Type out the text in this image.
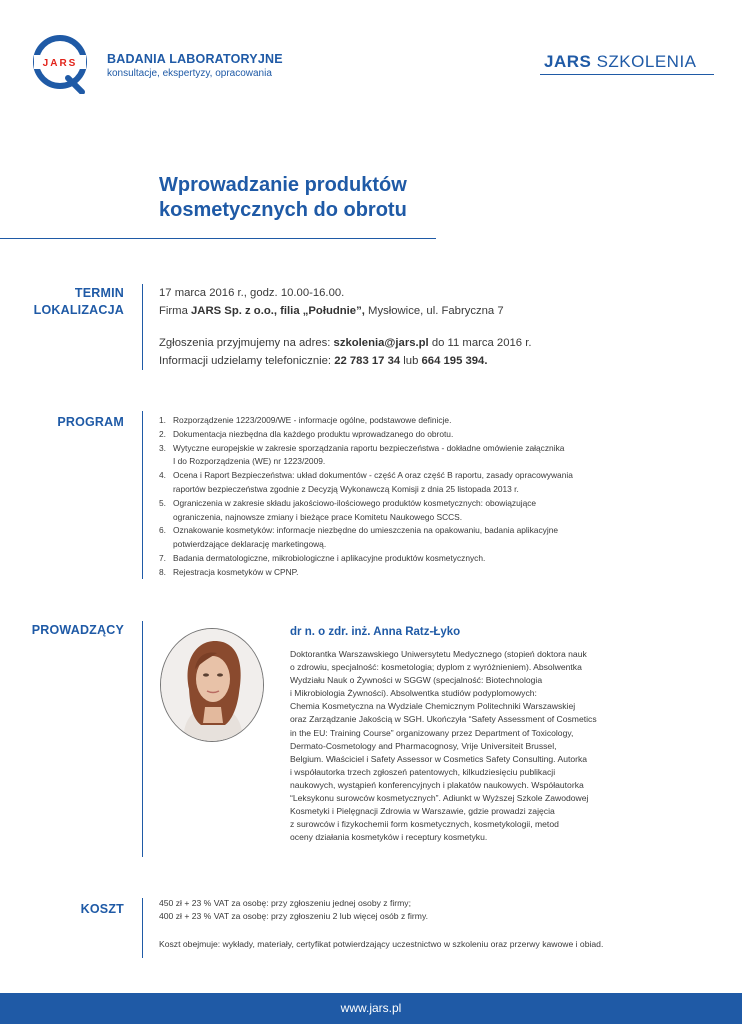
JARS BADANIA LABORATORYJNE
konsultacje, ekspertyzy, opracowania
JARS SZKOLENIA
Wprowadzanie produktów
kosmetycznych do obrotu
TERMIN
LOKALIZACJA
17 marca 2016 r., godz. 10.00-16.00.
Firma JARS Sp. z o.o., filia „Południe”, Mysłowice, ul. Fabryczna 7
Zgłoszenia przyjmujemy na adres: szkolenia@jars.pl do 11 marca 2016 r.
Informacji udzielamy telefonicznie: 22 783 17 34 lub 664 195 394.
PROGRAM	1. Rozporządzenie 1223/2009/WE - informacje ogólne, podstawowe definicje.
2. Dokumentacja niezbędna dla każdego produktu wprowadzanego do obrotu.
3. Wytyczne europejskie w zakresie sporządzania raportu bezpieczeństwa - dokładne omówienie załącznika
I do Rozporządzenia (WE) nr 1223/2009.
4. Ocena i Raport Bezpieczeństwa: układ dokumentów - część A oraz część B raportu, zasady opracowywania
raportów bezpieczeństwa zgodnie z Decyzją Wykonawczą Komisji z dnia 25 listopada 2013 r.
5. Ograniczenia w zakresie składu jakościowo-ilościowego produktów kosmetycznych: obowiązujące
ograniczenia, najnowsze zmiany i bieżące prace Komitetu Naukowego SCCS.
6. Oznakowanie kosmetyków: informacje niezbędne do umieszczenia na opakowaniu, badania aplikacyjne
potwierdzające deklarację marketingową.
7. Badania dermatologiczne, mikrobiologiczne i aplikacyjne produktów kosmetycznych.
8. Rejestracja kosmetyków w CPNP.
PROWADZĄCY	dr n. o zdr. inż. Anna Ratz-Łyko
Doktorantka Warszawskiego Uniwersytetu Medycznego (stopień doktora nauk
o zdrowiu, specjalność: kosmetologia; dyplom z wyróżnieniem). Absolwentka
Wydziału Nauk o Żywności w SGGW (specjalność: Biotechnologia
i Mikrobiologia Żywności). Absolwentka studiów podyplomowych:
Chemia Kosmetyczna na Wydziale Chemicznym Politechniki Warszawskiej
oraz Zarządzanie Jakością w SGH. Ukończyła “Safety Assessment of Cosmetics
in the EU: Training Course” organizowany przez Department of Toxicology,
Dermato-Cosmetology and Pharmacognosy, Vrije Universiteit Brussel,
Belgium. Właściciel i Safety Assessor w Cosmetics Safety Consulting. Autorka
i współautorka trzech zgłoszeń patentowych, kilkudziesięciu publikacji
naukowych, wystąpień konferencyjnych i plakatów naukowych. Współautorka
“Leksykonu surowców kosmetycznych”. Adiunkt w Wyższej Szkole Zawodowej
Kosmetyki i Pielęgnacji Zdrowia w Warszawie, gdzie prowadzi zajęcia
z surowców i fizykochemii form kosmetycznych, kosmetykologii, metod
oceny działania kosmetyków i receptury kosmetyku.
KOSZT	450 zł + 23 % VAT za osobę: przy zgłoszeniu jednej osoby z firmy;
400 zł + 23 % VAT za osobę: przy zgłoszeniu 2 lub więcej osób z firmy.
Koszt obejmuje: wykłady, materiały, certyfikat potwierdzający uczestnictwo w szkoleniu oraz przerwy kawowe i obiad.
www.jars.pl
